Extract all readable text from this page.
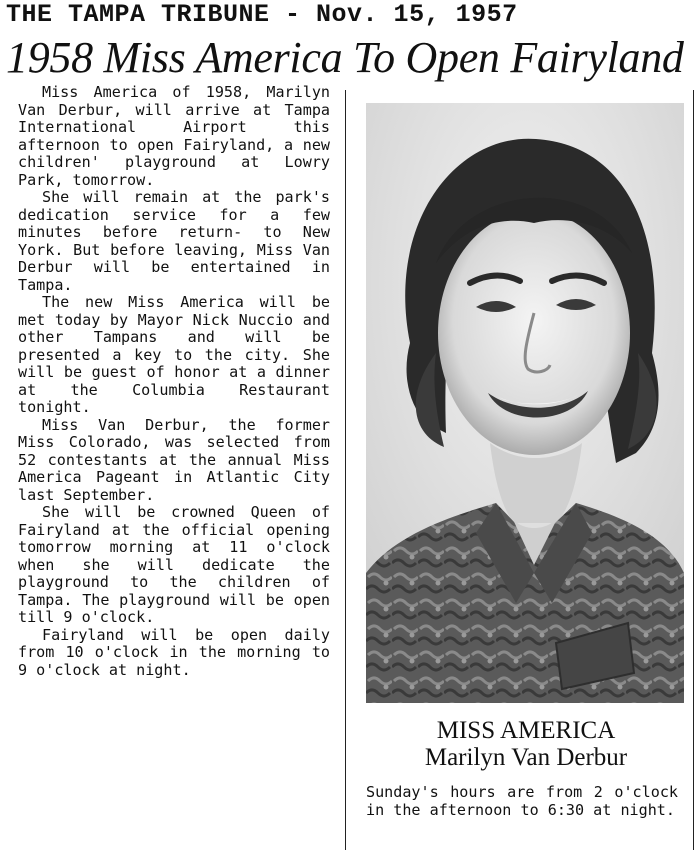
THE TAMPA TRIBUNE - Nov. 15, 1957
1958 Miss America To Open Fairyland

Miss America of 1958, Marilyn Van Derbur, will arrive at Tampa International Airport this afternoon to open Fairyland, a new children' playground at Lowry Park, tomorrow.

She will remain at the park's dedication service for a few minutes before return- to New York. But before leaving, Miss Van Derbur will be entertained in Tampa.

The new Miss America will be met today by Mayor Nick Nuccio and other Tampans and will be presented a key to the city. She will be guest of honor at a dinner at the Columbia Restaurant tonight.

Miss Van Derbur, the former Miss Colorado, was selected from 52 contestants at the annual Miss America Pageant in Atlantic City last September.

She will be crowned Queen of Fairyland at the official opening tomorrow morning at 11 o'clock when she will dedicate the playground to the children of Tampa. The playground will be open till 9 o'clock.

Fairyland will be open daily from 10 o'clock in the morning to 9 o'clock at night.

MISS AMERICA
Marilyn Van Derbur

Sunday's hours are from 2 o'clock in the afternoon to 6:30 at night.
